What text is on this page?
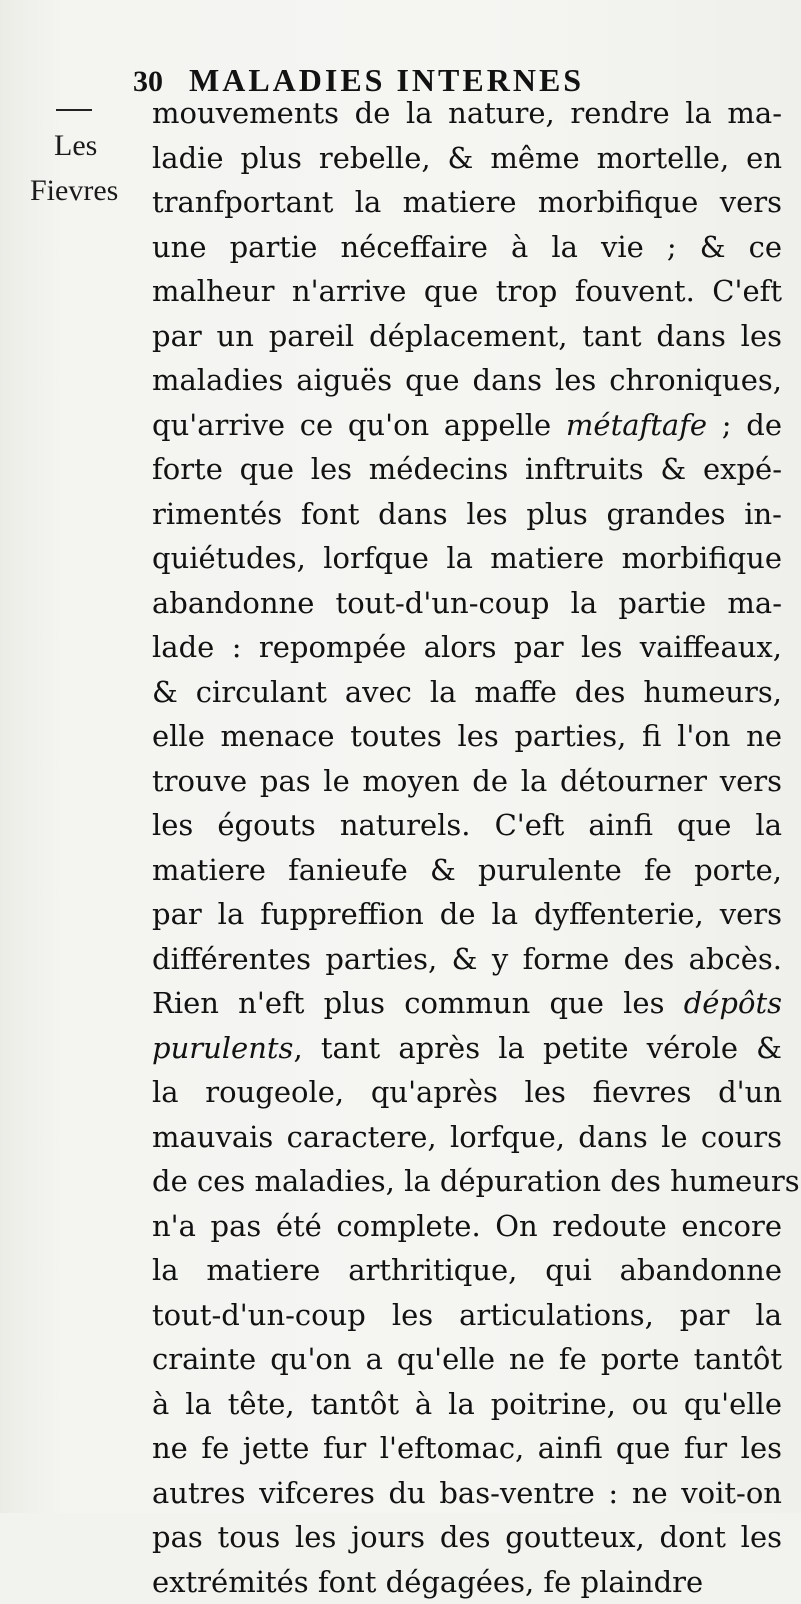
30 MALADIES INTERNES
Les
Fievres
mouvements de la nature, rendre la ma-
ladie plus rebelle, & même mortelle, en
tranfportant la matiere morbifique vers
une partie néceffaire à la vie ; & ce
malheur n'arrive que trop fouvent. C'eft
par un pareil déplacement, tant dans les
maladies aiguës que dans les chroniques,
qu'arrive ce qu'on appelle métaftafe ; de
forte que les médecins inftruits & expé-
rimentés font dans les plus grandes in-
quiétudes, lorfque la matiere morbifique
abandonne tout-d'un-coup la partie ma-
lade : repompée alors par les vaiffeaux,
& circulant avec la maffe des humeurs,
elle menace toutes les parties, fi l'on ne
trouve pas le moyen de la détourner vers
les égouts naturels. C'eft ainfi que la
matiere fanieufe & purulente fe porte,
par la fuppreffion de la dyffenterie, vers
différentes parties, & y forme des abcès.
Rien n'eft plus commun que les dépôts
purulents, tant après la petite vérole &
la rougeole, qu'après les fievres d'un
mauvais caractere, lorfque, dans le cours
de ces maladies, la dépuration des humeurs
n'a pas été complete. On redoute encore
la matiere arthritique, qui abandonne
tout-d'un-coup les articulations, par la
crainte qu'on a qu'elle ne fe porte tantôt
à la tête, tantôt à la poitrine, ou qu'elle
ne fe jette fur l'eftomac, ainfi que fur les
autres vifceres du bas-ventre : ne voit-on
pas tous les jours des goutteux, dont les
extrémités font dégagées, fe plaindre
